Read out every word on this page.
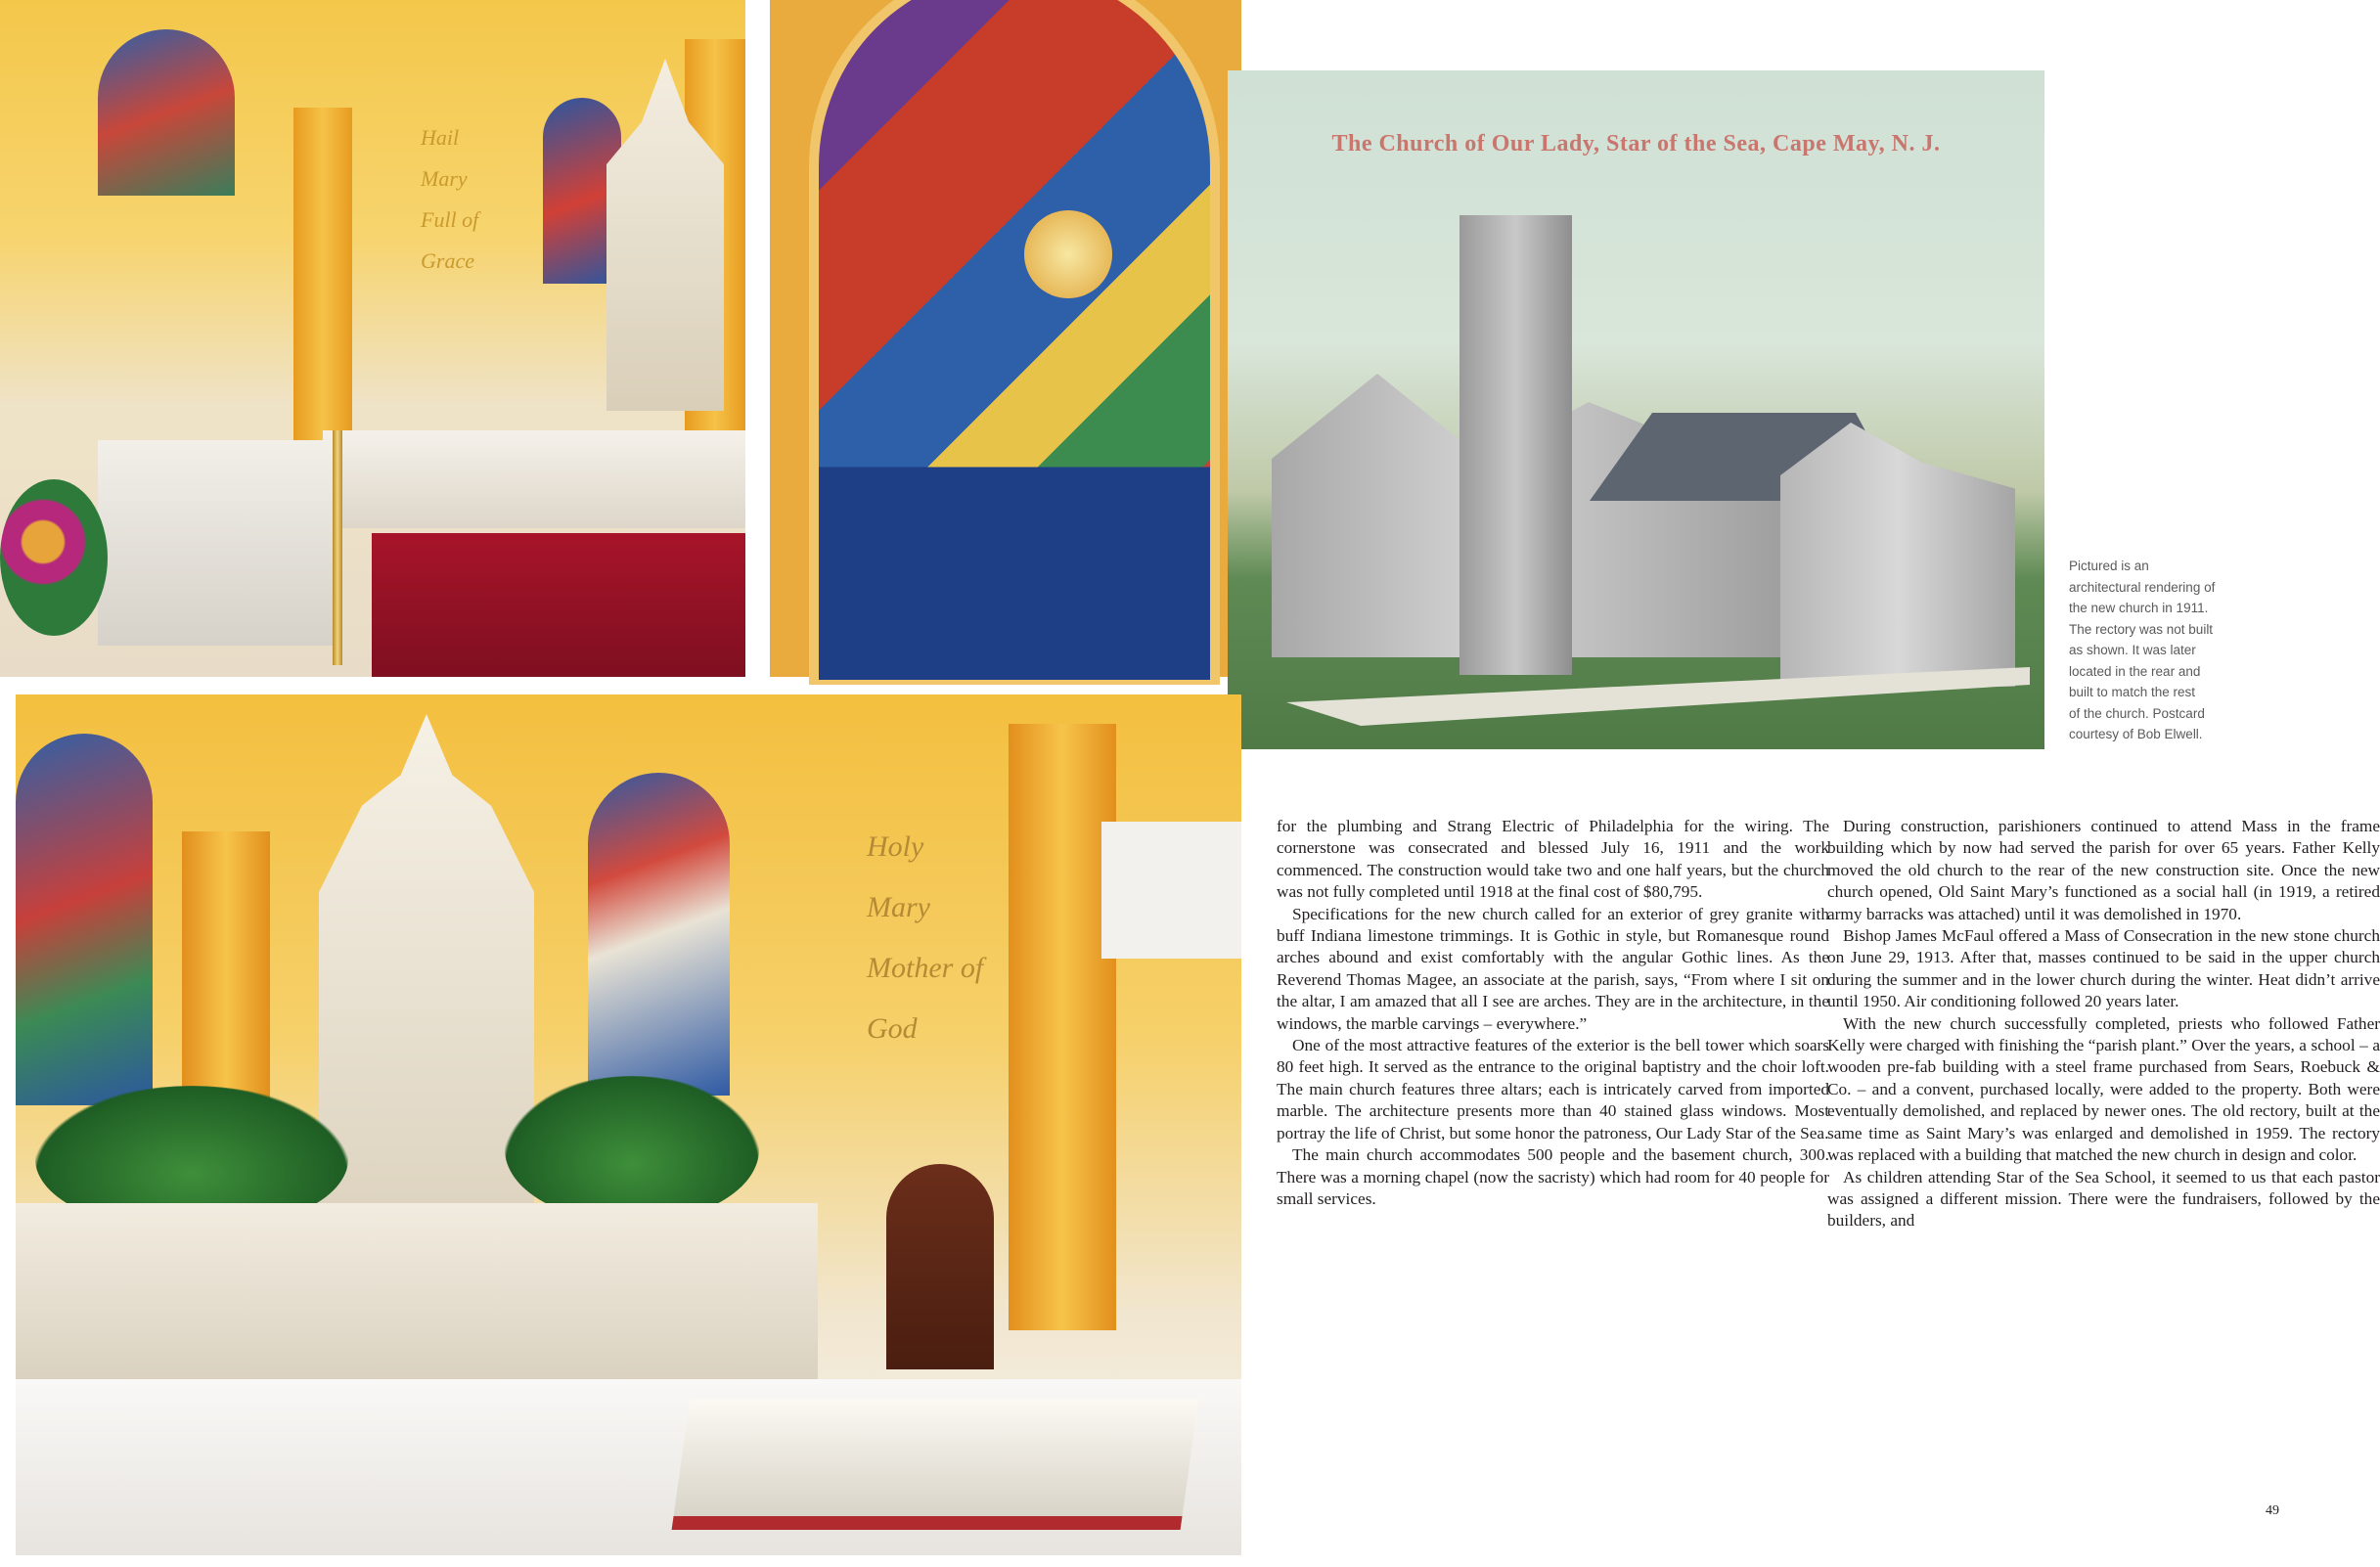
Hail
Mary
Full of
Grace
The Church of Our Lady, Star of the Sea, Cape May, N. J.
Holy
Mary
Mother of
God
Pictured is an
architectural rendering of
the new church in 1911.
The rectory was not built
as shown. It was later
located in the rear and
built to match the rest
of the church. Postcard
courtesy of Bob Elwell.

for the plumbing and Strang Electric of Philadelphia for the wiring. The cornerstone was consecrated and blessed July 16, 1911 and the work commenced. The construction would take two and one half years, but the church was not fully completed until 1918 at the final cost of $80,795.

Specifications for the new church called for an exterior of grey granite with buff Indiana limestone trimmings. It is Gothic in style, but Romanesque round arches abound and exist comfortably with the angular Gothic lines. As the Reverend Thomas Magee, an associate at the parish, says, “From where I sit on the altar, I am amazed that all I see are arches. They are in the architecture, in the windows, the marble carvings – everywhere.”

One of the most attractive features of the exterior is the bell tower which soars 80 feet high. It served as the entrance to the original baptistry and the choir loft. The main church features three altars; each is intricately carved from imported marble. The architecture presents more than 40 stained glass windows. Most portray the life of Christ, but some honor the patroness, Our Lady Star of the Sea.

The main church accommodates 500 people and the basement church, 300. There was a morning chapel (now the sacristy) which had room for 40 people for small services.

During construction, parishioners continued to attend Mass in the frame building which by now had served the parish for over 65 years. Father Kelly moved the old church to the rear of the new construction site. Once the new church opened, Old Saint Mary’s functioned as a social hall (in 1919, a retired army barracks was attached) until it was demolished in 1970.

Bishop James McFaul offered a Mass of Consecration in the new stone church on June 29, 1913. After that, masses continued to be said in the upper church during the summer and in the lower church during the winter. Heat didn’t arrive until 1950. Air conditioning followed 20 years later.

With the new church successfully completed, priests who followed Father Kelly were charged with finishing the “parish plant.” Over the years, a school – a wooden pre-fab building with a steel frame purchased from Sears, Roebuck & Co. – and a convent, purchased locally, were added to the property. Both were eventually demolished, and replaced by newer ones. The old rectory, built at the same time as Saint Mary’s was enlarged and demolished in 1959. The rectory was replaced with a building that matched the new church in design and color.

As children attending Star of the Sea School, it seemed to us that each pastor was assigned a different mission. There were the fundraisers, followed by the builders, and

49
